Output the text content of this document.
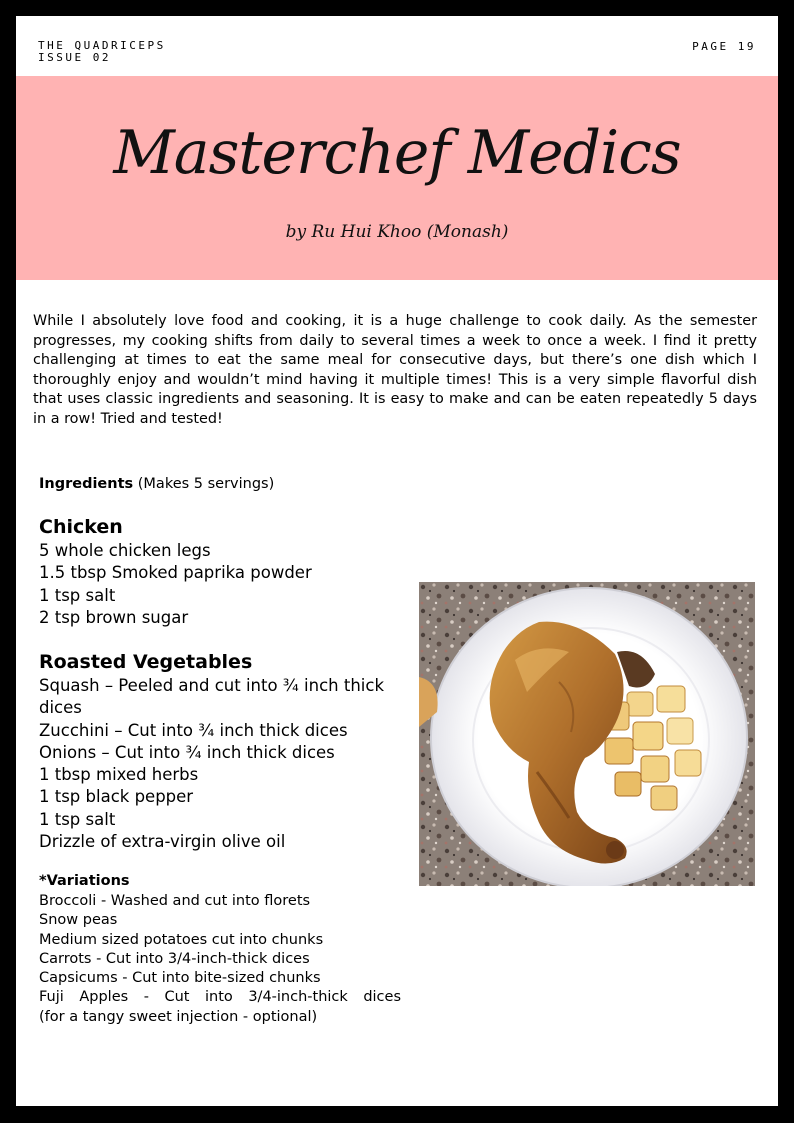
THE QUADRICEPS
ISSUE 02
PAGE 19
Masterchef Medics
by Ru Hui Khoo (Monash)

While I absolutely love food and cooking, it is a huge challenge to cook daily. As the semester progresses, my cooking shifts from daily to several times a week to once a week. I find it pretty challenging at times to eat the same meal for consecutive days, but there’s one dish which I thoroughly enjoy and wouldn’t mind having it multiple times! This is a very simple flavorful dish that uses classic ingredients and seasoning. It is easy to make and can be eaten repeatedly 5 days in a row! Tried and tested!

Ingredients (Makes 5 servings)
Chicken
5 whole chicken legs
1.5 tbsp Smoked paprika powder
1 tsp salt
2 tsp brown sugar
Roasted Vegetables
Squash – Peeled and cut into ¾ inch thick dices
Zucchini – Cut into ¾ inch thick dices
Onions – Cut into ¾ inch thick dices
1 tbsp mixed herbs
1 tsp black pepper
1 tsp salt
Drizzle of extra-virgin olive oil
*Variations
Broccoli - Washed and cut into florets
Snow peas
Medium sized potatoes cut into chunks
Carrots - Cut into 3/4-inch-thick dices
Capsicums - Cut into bite-sized chunks
Fuji Apples - Cut into 3/4-inch-thick dices
(for a tangy sweet injection - optional)
